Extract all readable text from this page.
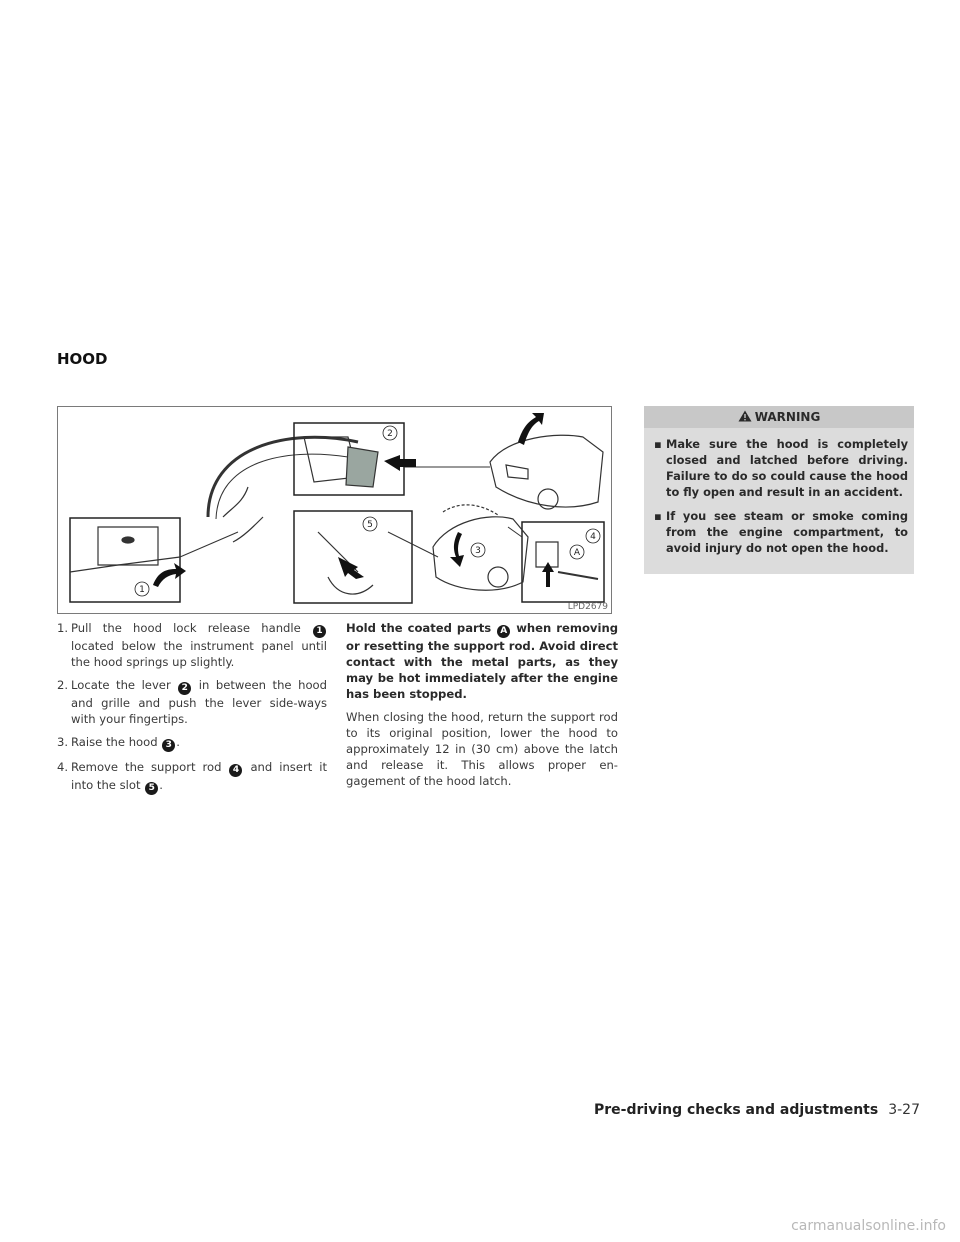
HOOD
1
2
3
4
5
A
LPD2679
1. Pull the hood lock release handle 1 located below the instrument panel until the hood springs up slightly.
2. Locate the lever 2 in between the hood and grille and push the lever side-ways with your fingertips.
3. Raise the hood 3 .
4. Remove the support rod 4 and insert it into the slot 5 .

Hold the coated parts A when removing or resetting the support rod. Avoid direct contact with the metal parts, as they may be hot immediately after the engine has been stopped.

When closing the hood, return the support rod to its original position, lower the hood to approximately 12 in (30 cm) above the latch and release it. This allows proper en-gagement of the hood latch.

WARNING
▪ Make sure the hood is completely closed and latched before driving. Failure to do so could cause the hood to fly open and result in an accident.
▪ If you see steam or smoke coming from the engine compartment, to avoid injury do not open the hood.
Pre-driving checks and adjustments 3-27
carmanualsonline.info
